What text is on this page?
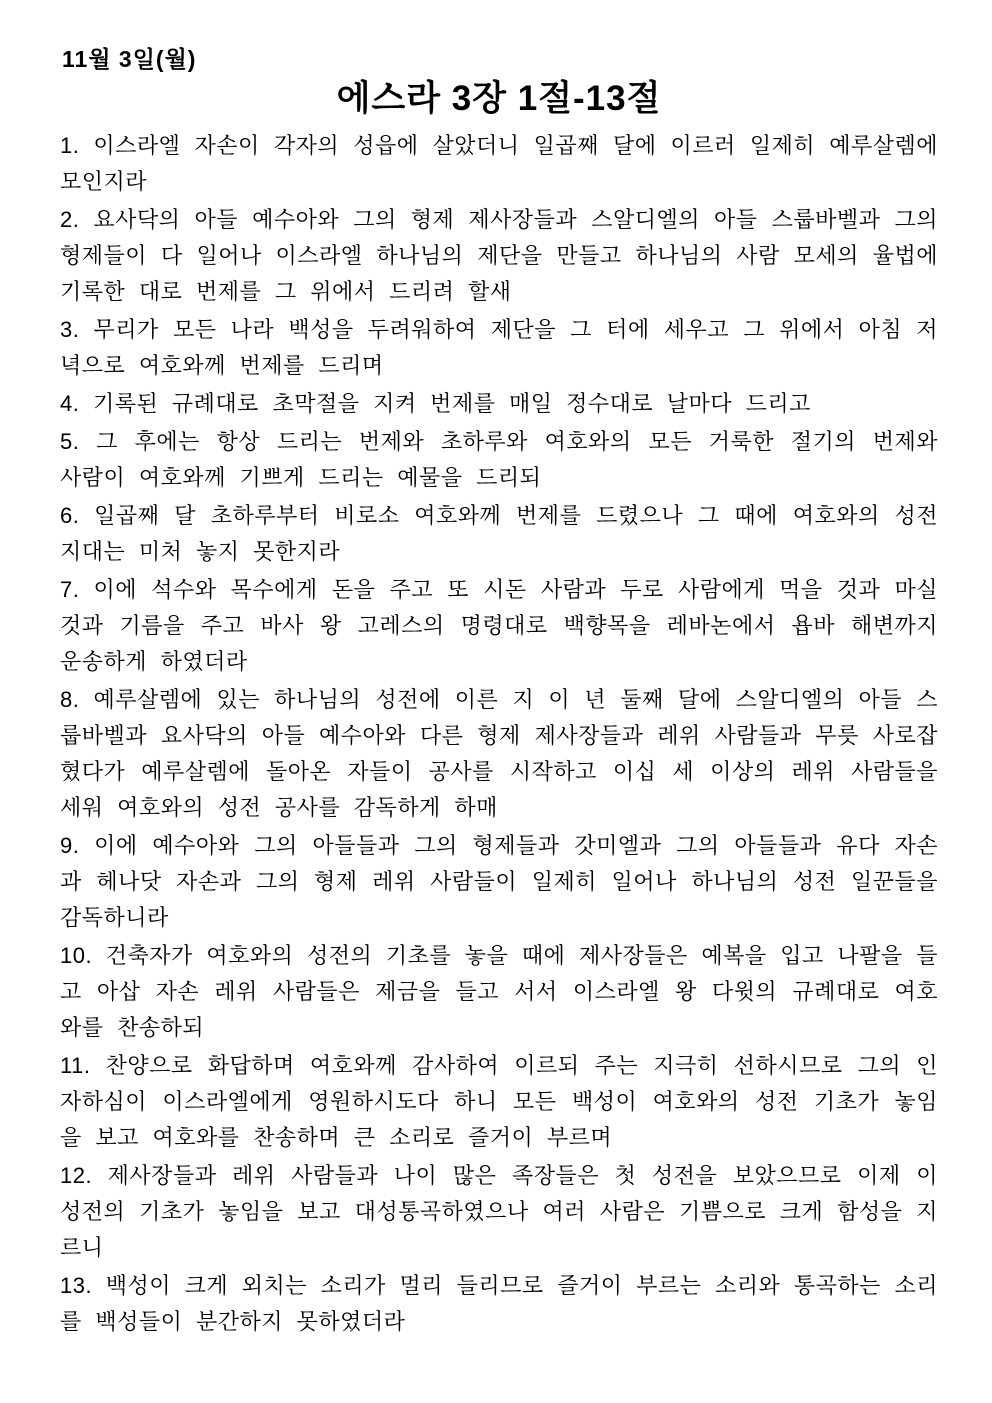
11월 3일(월)
에스라 3장 1절-13절

1. 이스라엘 자손이 각자의 성읍에 살았더니 일곱째 달에 이르러 일제히 예루살렘에 모인지라

2. 요사닥의 아들 예수아와 그의 형제 제사장들과 스알디엘의 아들 스룹바벨과 그의 형제들이 다 일어나 이스라엘 하나님의 제단을 만들고 하나님의 사람 모세의 율법에 기록한 대로 번제를 그 위에서 드리려 할새

3. 무리가 모든 나라 백성을 두려워하여 제단을 그 터에 세우고 그 위에서 아침 저녁으로 여호와께 번제를 드리며

4. 기록된 규례대로 초막절을 지켜 번제를 매일 정수대로 날마다 드리고

5. 그 후에는 항상 드리는 번제와 초하루와 여호와의 모든 거룩한 절기의 번제와 사람이 여호와께 기쁘게 드리는 예물을 드리되

6. 일곱째 달 초하루부터 비로소 여호와께 번제를 드렸으나 그 때에 여호와의 성전 지대는 미처 놓지 못한지라

7. 이에 석수와 목수에게 돈을 주고 또 시돈 사람과 두로 사람에게 먹을 것과 마실 것과 기름을 주고 바사 왕 고레스의 명령대로 백향목을 레바논에서 욥바 해변까지 운송하게 하였더라

8. 예루살렘에 있는 하나님의 성전에 이른 지 이 년 둘째 달에 스알디엘의 아들 스룹바벨과 요사닥의 아들 예수아와 다른 형제 제사장들과 레위 사람들과 무릇 사로잡혔다가 예루살렘에 돌아온 자들이 공사를 시작하고 이십 세 이상의 레위 사람들을 세워 여호와의 성전 공사를 감독하게 하매

9. 이에 예수아와 그의 아들들과 그의 형제들과 갓미엘과 그의 아들들과 유다 자손과 헤나닷 자손과 그의 형제 레위 사람들이 일제히 일어나 하나님의 성전 일꾼들을 감독하니라

10. 건축자가 여호와의 성전의 기초를 놓을 때에 제사장들은 예복을 입고 나팔을 들고 아삽 자손 레위 사람들은 제금을 들고 서서 이스라엘 왕 다윗의 규례대로 여호와를 찬송하되

11. 찬양으로 화답하며 여호와께 감사하여 이르되 주는 지극히 선하시므로 그의 인자하심이 이스라엘에게 영원하시도다 하니 모든 백성이 여호와의 성전 기초가 놓임을 보고 여호와를 찬송하며 큰 소리로 즐거이 부르며

12. 제사장들과 레위 사람들과 나이 많은 족장들은 첫 성전을 보았으므로 이제 이 성전의 기초가 놓임을 보고 대성통곡하였으나 여러 사람은 기쁨으로 크게 함성을 지르니

13. 백성이 크게 외치는 소리가 멀리 들리므로 즐거이 부르는 소리와 통곡하는 소리를 백성들이 분간하지 못하였더라
